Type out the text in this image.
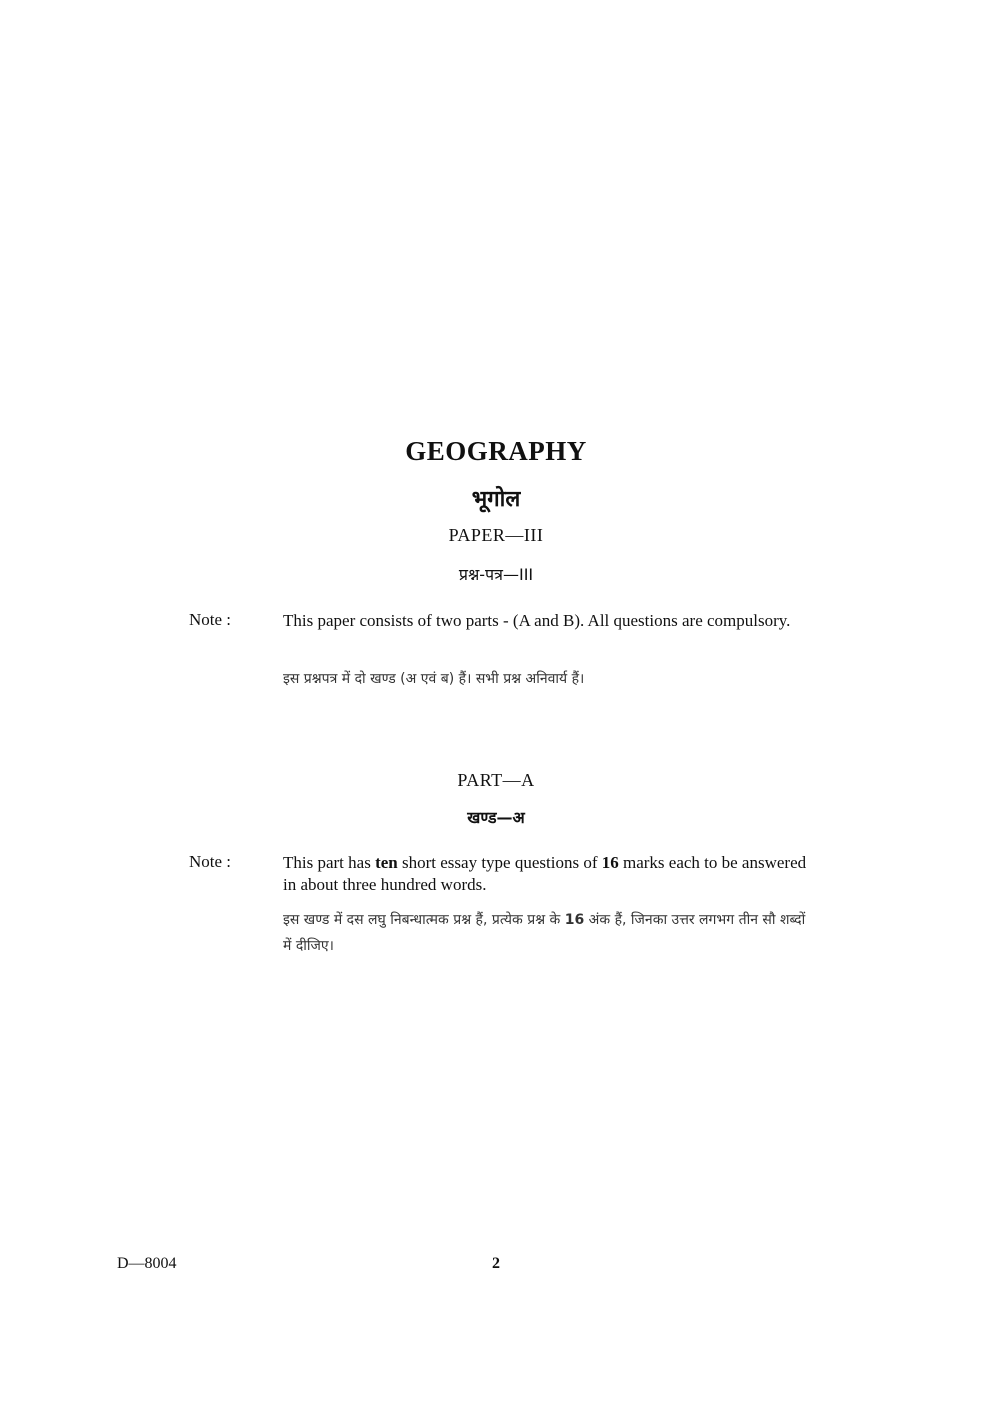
GEOGRAPHY
भूगोल
PAPER—III
प्रश्न-पत्र—III
Note :	This paper consists of two parts - (A and B). All questions are compulsory.
इस प्रश्नपत्र में दो खण्ड (अ एवं ब) हैं। सभी प्रश्न अनिवार्य हैं।
PART—A
खण्ड—अ
Note :	This part has ten short essay type questions of 16 marks each to be answered in about three hundred words.
इस खण्ड में दस लघु निबन्धात्मक प्रश्न हैं, प्रत्येक प्रश्न के 16 अंक हैं, जिनका उत्तर लगभग तीन सौ शब्दों में दीजिए।
D—8004	2
